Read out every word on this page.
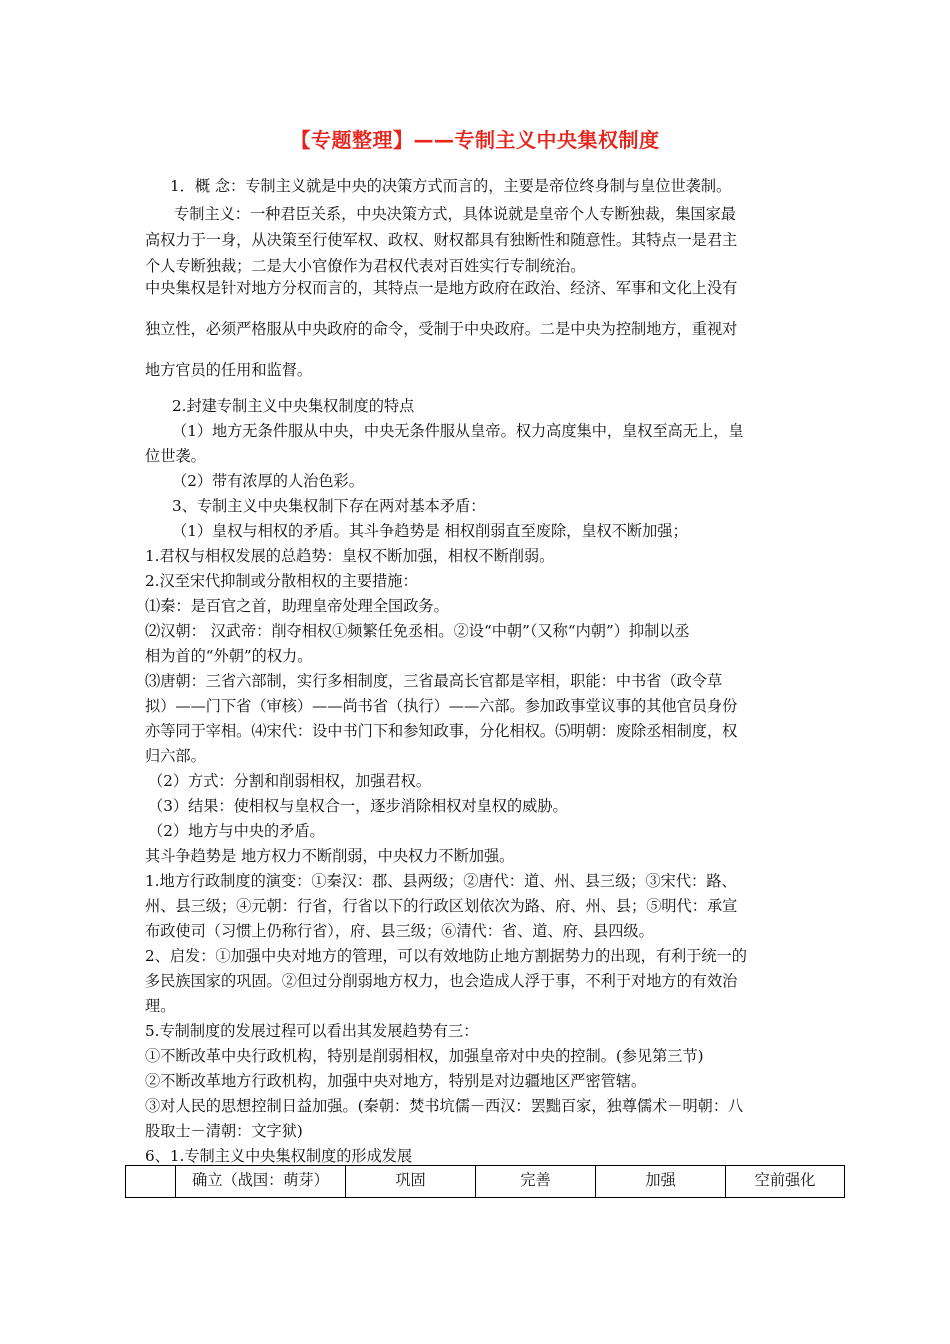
【专题整理】——专制主义中央集权制度
1．概 念：专制主义就是中央的决策方式而言的，主要是帝位终身制与皇位世袭制。
专制主义：一种君臣关系，中央决策方式，具体说就是皇帝个人专断独裁，集国家最
高权力于一身，从决策至行使军权、政权、财权都具有独断性和随意性。其特点一是君主
个人专断独裁；二是大小官僚作为君权代表对百姓实行专制统治。
中央集权是针对地方分权而言的，其特点一是地方政府在政治、经济、军事和文化上没有
独立性，必须严格服从中央政府的命令，受制于中央政府。二是中央为控制地方，重视对
地方官员的任用和监督。
2.封建专制主义中央集权制度的特点
（1）地方无条件服从中央，中央无条件服从皇帝。权力高度集中，皇权至高无上，皇
位世袭。
（2）带有浓厚的人治色彩。
3、专制主义中央集权制下存在两对基本矛盾：
（1）皇权与相权的矛盾。其斗争趋势是 相权削弱直至废除，皇权不断加强；
1.君权与相权发展的总趋势：皇权不断加强，相权不断削弱。
2.汉至宋代抑制或分散相权的主要措施：
⑴秦：是百官之首，助理皇帝处理全国政务。
⑵汉朝： 汉武帝：削夺相权①频繁任免丞相。②设“中朝”（又称“内朝”）抑制以丞
相为首的“外朝”的权力。
⑶唐朝：三省六部制，实行多相制度，三省最高长官都是宰相，职能：中书省（政令草
拟）——门下省（审核）——尚书省（执行）——六部。参加政事堂议事的其他官员身份
亦等同于宰相。⑷宋代：设中书门下和参知政事，分化相权。⑸明朝：废除丞相制度，权
归六部。
（2）方式：分割和削弱相权，加强君权。
（3）结果：使相权与皇权合一，逐步消除相权对皇权的威胁。
（2）地方与中央的矛盾。
其斗争趋势是 地方权力不断削弱，中央权力不断加强。
1.地方行政制度的演变：①秦汉：郡、县两级；②唐代：道、州、县三级；③宋代：路、
州、县三级；④元朝：行省，行省以下的行政区划依次为路、府、州、县；⑤明代：承宣
布政使司（习惯上仍称行省），府、县三级；⑥清代：省、道、府、县四级。
2、启发：①加强中央对地方的管理，可以有效地防止地方割据势力的出现，有利于统一的
多民族国家的巩固。②但过分削弱地方权力，也会造成人浮于事，不利于对地方的有效治
理。
5.专制制度的发展过程可以看出其发展趋势有三：
①不断改革中央行政机构，特别是削弱相权，加强皇帝对中央的控制。(参见第三节)
②不断改革地方行政机构，加强中央对地方，特别是对边疆地区严密管辖。
③对人民的思想控制日益加强。(秦朝：焚书坑儒－西汉：罢黜百家，独尊儒术－明朝：八
股取士－清朝：文字狱)
6、1.专制主义中央集权制度的形成发展
	确立（战国：萌芽）	巩固	完善	加强	空前强化
